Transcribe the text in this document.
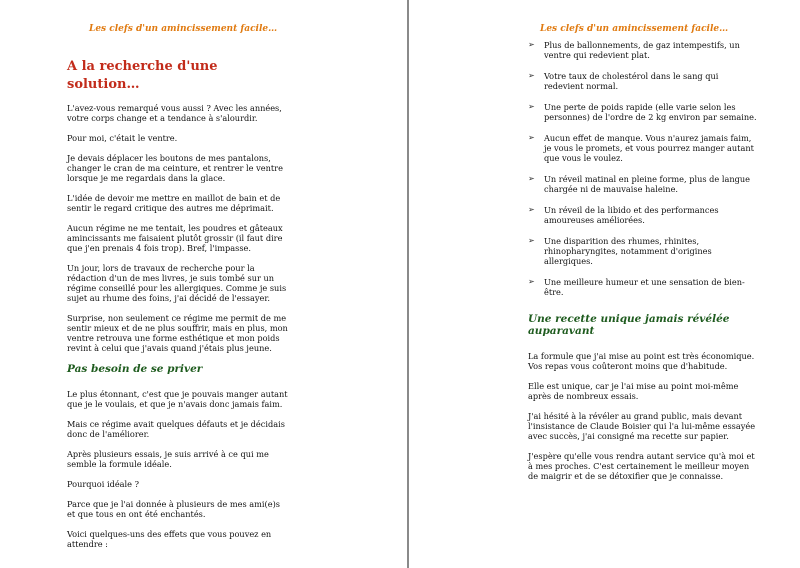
Les clefs d'un amincissement facile…
A la recherche d'une solution…

L'avez-vous remarqué vous aussi ? Avec les années, votre corps change et a tendance à s'alourdir.

Pour moi, c'était le ventre.

Je devais déplacer les boutons de mes pantalons, changer le cran de ma ceinture, et rentrer le ventre lorsque je me regardais dans la glace.

L'idée de devoir me mettre en maillot de bain et de sentir le regard critique des autres me déprimait.

Aucun régime ne me tentait, les poudres et gâteaux amincissants me faisaient plutôt grossir (il faut dire que j'en prenais 4 fois trop). Bref, l'impasse.

Un jour, lors de travaux de recherche pour la rédaction d'un de mes livres, je suis tombé sur un régime conseillé pour les allergiques. Comme je suis sujet au rhume des foins, j'ai décidé de l'essayer.

Surprise, non seulement ce régime me permit de me sentir mieux et de ne plus souffrir, mais en plus, mon ventre retrouva une forme esthétique et mon poids revint à celui que j'avais quand j'étais plus jeune.

Pas besoin de se priver

Le plus étonnant, c'est que je pouvais manger autant que je le voulais, et que je n'avais donc jamais faim.

Mais ce régime avait quelques défauts et je décidais donc de l'améliorer.

Après plusieurs essais, je suis arrivé à ce qui me semble la formule idéale.

Pourquoi idéale ?

Parce que je l'ai donnée à plusieurs de mes ami(e)s et que tous en ont été enchantés.

Voici quelques-uns des effets que vous pouvez en attendre :

Les clefs d'un amincissement facile…
➢ Plus de ballonnements, de gaz intempestifs, un ventre qui redevient plat.
➢ Votre taux de cholestérol dans le sang qui redevient normal.
➢ Une perte de poids rapide (elle varie selon les personnes) de l'ordre de 2 kg environ par semaine.
➢ Aucun effet de manque. Vous n'aurez jamais faim, je vous le promets, et vous pourrez manger autant que vous le voulez.
➢ Un réveil matinal en pleine forme, plus de langue chargée ni de mauvaise haleine.
➢ Un réveil de la libido et des performances amoureuses améliorées.
➢ Une disparition des rhumes, rhinites, rhinopharyngites, notamment d'origines allergiques.
➢ Une meilleure humeur et une sensation de bien-être.
Une recette unique jamais révélée auparavant

La formule que j'ai mise au point est très économique. Vos repas vous coûteront moins que d'habitude.

Elle est unique, car je l'ai mise au point moi-même après de nombreux essais.

J'ai hésité à la révéler au grand public, mais devant l'insistance de Claude Boisier qui l'a lui-même essayée avec succès, j'ai consigné ma recette sur papier.

J'espère qu'elle vous rendra autant service qu'à moi et à mes proches. C'est certainement le meilleur moyen de maigrir et de se détoxifier que je connaisse.
